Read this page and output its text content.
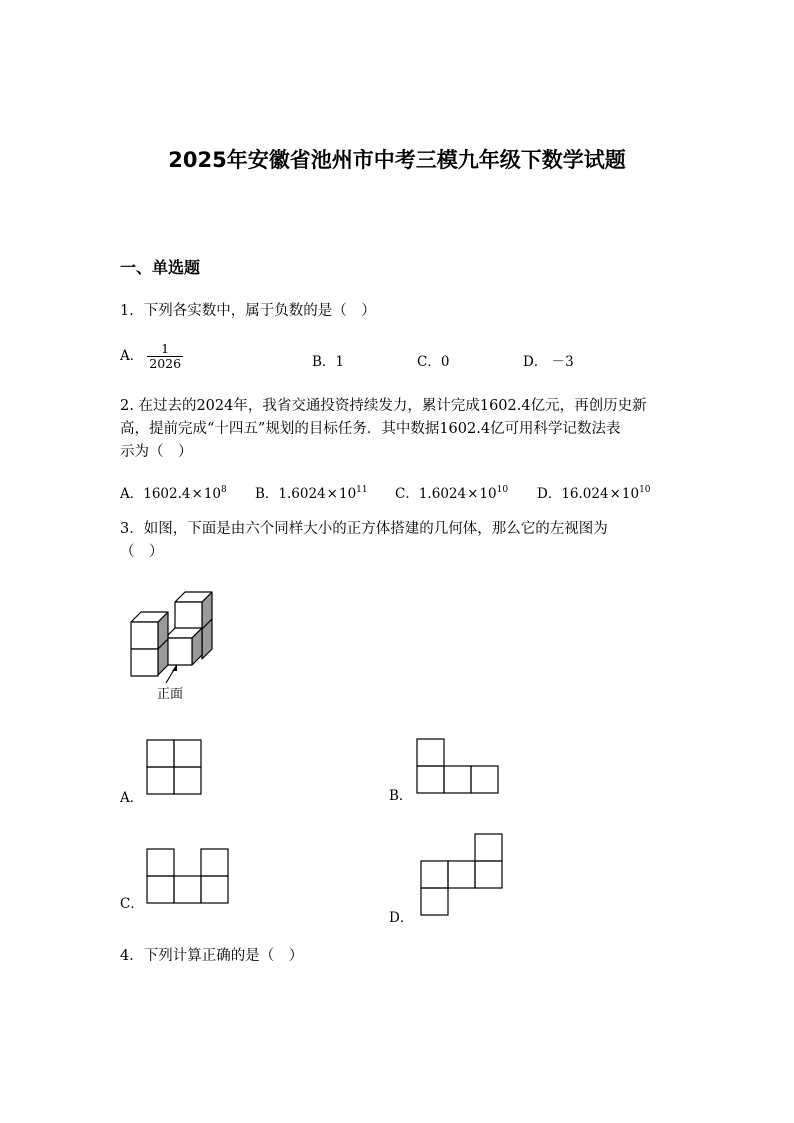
2025年安徽省池州市中考三模九年级下数学试题
一、单选题
1．下列各实数中，属于负数的是（　）
A． $\frac{1}{2026}$	B．1	C．0	D． －3
2. 在过去的2024年，我省交通投资持续发力，累计完成1602.4亿元，再创历史新
高，提前完成“十四五”规划的目标任务．其中数据1602.4亿可用科学记数法表
示为（　）
A．$1602.4\times 10^8$ B．$1.6024\times 10^{11}$ C．$1.6024\times 10^{10}$ D．$16.024\times 10^{10}$
3．如图，下面是由六个同样大小的正方体搭建的几何体，那么它的左视图为
（　）
正面
A．	B．
C．
D．
4．下列计算正确的是（　）
